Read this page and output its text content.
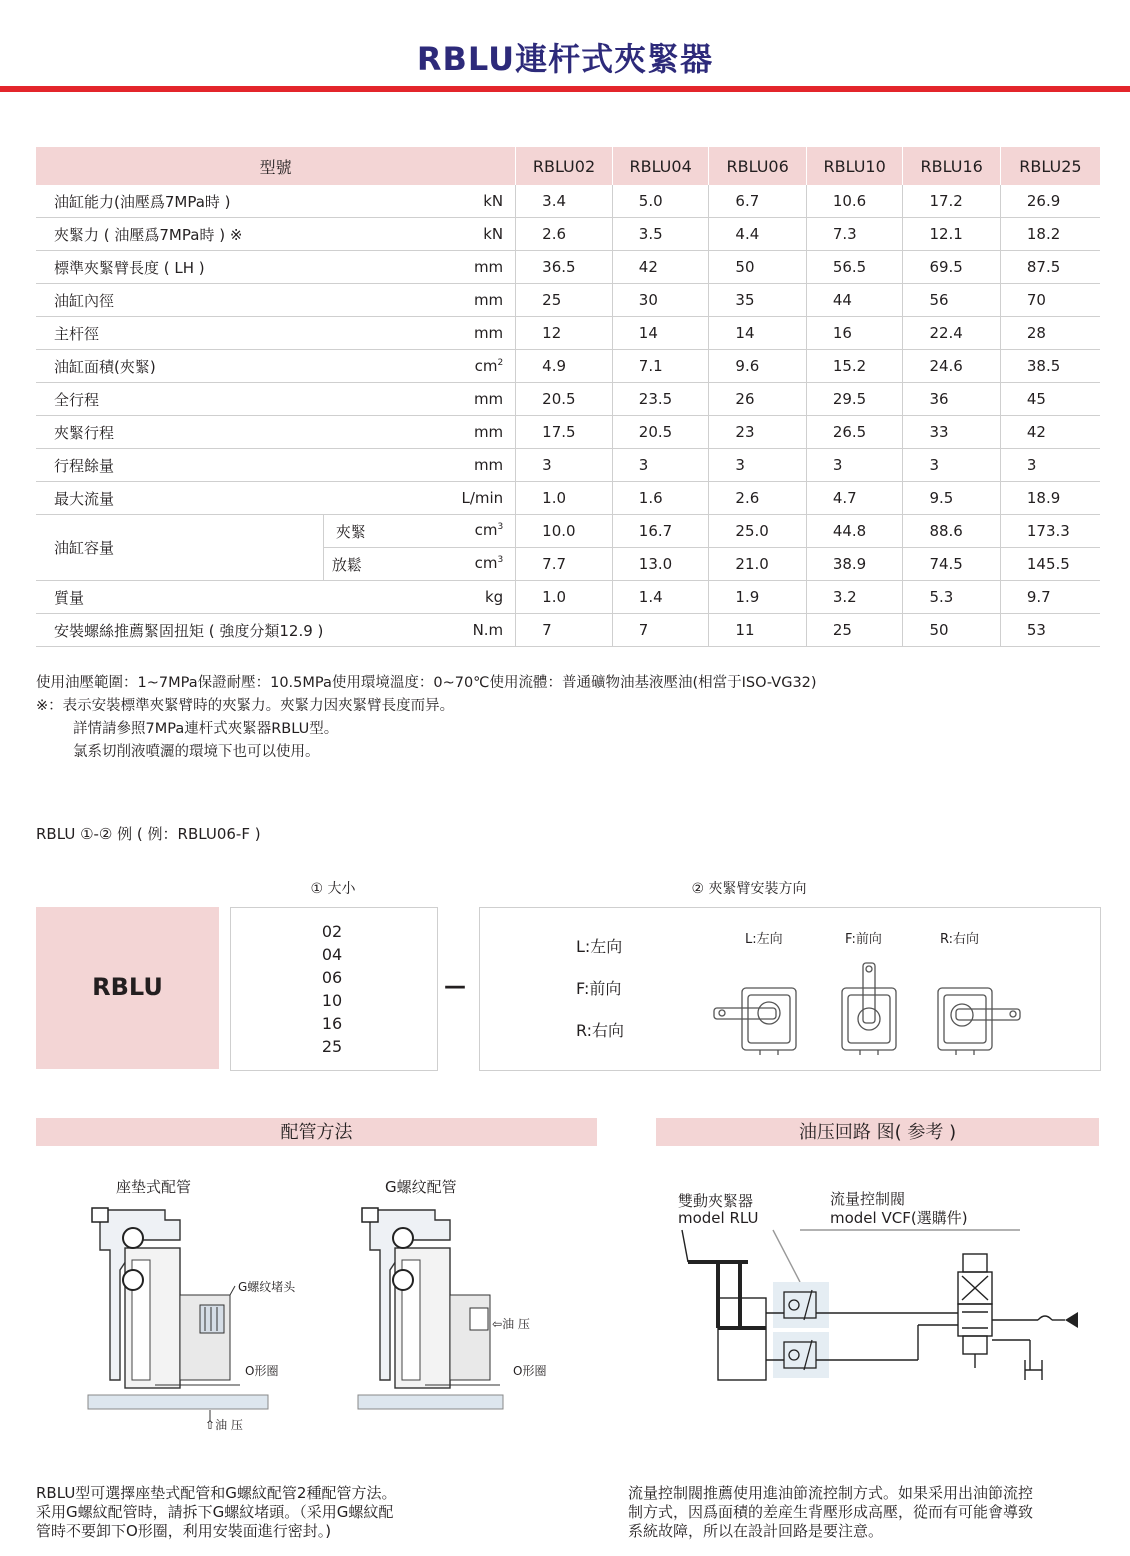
RBLU連杆式夾緊器
型號		RBLU02	RBLU04	RBLU06	RBLU10	RBLU16	RBLU25
油缸能力(油壓爲7MPa時 )	kN	3.4	5.0	6.7	10.6	17.2	26.9
夾緊力 ( 油壓爲7MPa時 ) ※	kN	2.6	3.5	4.4	7.3	12.1	18.2
標準夾緊臂長度 ( LH )	mm	36.5	42	50	56.5	69.5	87.5
油缸內徑	mm	25	30	35	44	56	70
主杆徑	mm	12	14	14	16	22.4	28
油缸面積(夾緊)	$cm^2$	4.9	7.1	9.6	15.2	24.6	38.5
全行程	mm	20.5	23.5	26	29.5	36	45
夾緊行程	mm	17.5	20.5	23	26.5	33	42
行程餘量	mm	3	3	3	3	3	3
最大流量	L/min	1.0	1.6	2.6	4.7	9.5	18.9
油缸容量	夾緊 $cm^3$	10.0	16.7	25.0	44.8	88.6	173.3

	放鬆 $cm^3$	7.7	13.0	21.0	38.9	74.5	145.5
質量	kg	1.0	1.4	1.9	3.2	5.3	9.7
安裝螺絲推薦緊固扭矩 ( 強度分類12.9 )	N.m	7	7	11	25	50	53
使用油壓範圍：1~7MPa保證耐壓：10.5MPa使用環境溫度：0~70℃使用流體：普通礦物油基液壓油(相當于ISO-VG32)
※：表示安裝標準夾緊臂時的夾緊力。夾緊力因夾緊臂長度而异。
詳情請參照7MPa連杆式夾緊器RBLU型。
氯系切削液噴灑的環境下也可以使用。
RBLU ①-② 例 ( 例：RBLU06-F )
① 大小	② 夾緊臂安裝方向
RBLU
02
04
06
10
16
25
—
L:左向
F:前向
R:右向
L:左向	F:前向	R:右向
配管方法
座垫式配管	G螺纹配管
G螺纹堵头
O形圈
⇧油 压
⇦油 压
O形圈
RBLU型可選擇座垫式配管和G螺紋配管2種配管方法。
采用G螺紋配管時，請拆下G螺紋堵頭。（采用G螺紋配
管時不要卸下O形圈，利用安裝面進行密封。)
油压回路 图( 参考 )
雙動夾緊器
model RLU
流量控制閥
model VCF(選購件)
流量控制閥推薦使用進油節流控制方式。如果采用出油節流控
制方式，因爲面積的差産生背壓形成高壓，從而有可能會導致
系統故障，所以在設計回路是要注意。
